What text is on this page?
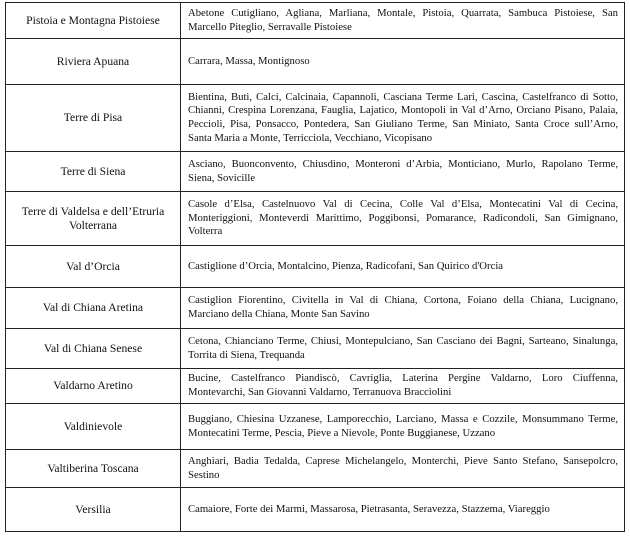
Pistoia e Montagna Pistoiese	Abetone Cutigliano, Agliana, Marliana, Montale, Pistoia, Quarrata, Sambuca Pistoiese, San Marcello Piteglio, Serravalle Pistoiese
Riviera Apuana	Carrara, Massa, Montignoso
Terre di Pisa	Bientina, Buti, Calci, Calcinaia, Capannoli, Casciana Terme Lari, Cascina, Castelfranco di Sotto, Chianni, Crespina Lorenzana, Fauglia, Lajatico, Montopoli in Val d’Arno, Orciano Pisano, Palaia, Peccioli, Pisa, Ponsacco, Pontedera, San Giuliano Terme, San Miniato, Santa Croce sull’Arno, Santa Maria a Monte, Terricciola, Vecchiano, Vicopisano
Terre di Siena	Asciano, Buonconvento, Chiusdino, Monteroni d’Arbia, Monticiano, Murlo, Rapolano Terme, Siena, Sovicille
Terre di Valdelsa e dell’Etruria Volterrana	Casole d’Elsa, Castelnuovo Val di Cecina, Colle Val d’Elsa, Montecatini Val di Cecina, Monteriggioni, Monteverdi Marittimo, Poggibonsi, Pomarance, Radicondoli, San Gimignano, Volterra
Val d’Orcia	Castiglione d’Orcia, Montalcino, Pienza, Radicofani, San Quirico d'Orcia
Val di Chiana Aretina	Castiglion Fiorentino, Civitella in Val di Chiana, Cortona, Foiano della Chiana, Lucignano, Marciano della Chiana, Monte San Savino
Val di Chiana Senese	Cetona, Chianciano Terme, Chiusi, Montepulciano, San Casciano dei Bagni, Sarteano, Sinalunga, Torrita di Siena, Trequanda
Valdarno Aretino	Bucine, Castelfranco Piandiscò, Cavriglia, Laterina Pergine Valdarno, Loro Ciuffenna, Montevarchi, San Giovanni Valdarno, Terranuova Bracciolini
Valdinievole	Buggiano, Chiesina Uzzanese, Lamporecchio, Larciano, Massa e Cozzile, Monsummano Terme, Montecatini Terme, Pescia, Pieve a Nievole, Ponte Buggianese, Uzzano
Valtiberina Toscana	Anghiari, Badia Tedalda, Caprese Michelangelo, Monterchi, Pieve Santo Stefano, Sansepolcro, Sestino
Versilia	Camaiore, Forte dei Marmi, Massarosa, Pietrasanta, Seravezza, Stazzema, Viareggio
